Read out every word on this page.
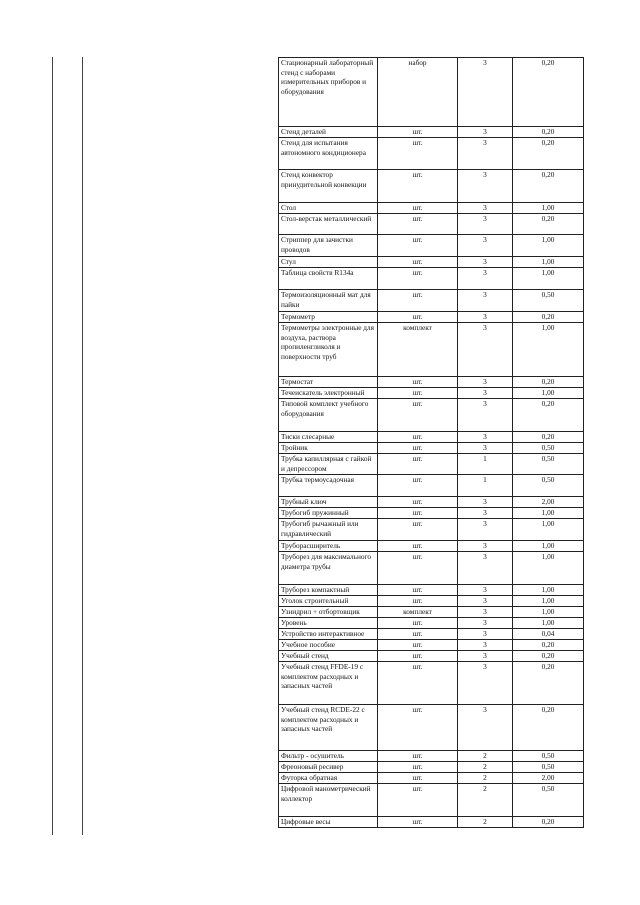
Стационарный лабораторный стенд с наборами измерительных приборов и оборудования	набор	3	0,20
Стенд деталей	шт.	3	0,20
Стенд для испытания автономного кондиционера	шт.	3	0,20
Стенд конвектор принудительной конвекции	шт.	3	0,20
Стол	шт.	3	1,00
Стол-верстак металлический	шт.	3	0,20
Стриппер для зачистки проводов	шт.	3	1,00
Стул	шт.	3	1,00
Таблица свойств R134a	шт.	3	1,00
Термоизоляционный мат для пайки	шт.	3	0,50
Термометр	шт.	3	0,20
Термометры электронные для воздуха, раствора пропиленгликоля и поверхности труб	комплект	3	1,00
Термостат	шт.	3	0,20
Течеискатель электронный	шт.	3	1,00
Типовой комплект учебного оборудования	шт.	3	0,20
Тиски слесарные	шт.	3	0,20
Тройник	шт.	3	0,50
Трубка капиллярная с гайкой и депрессором	шт.	1	0,50
Трубка термоусадочная	шт.	1	0,50
Трубный ключ	шт.	3	2,00
Трубогиб пружинный	шт.	3	1,00
Трубогиб рычажный или гидравлический	шт.	3	1,00
Труборасширитель	шт.	3	1,00
Труборез для максимального диаметра трубы	шт.	3	1,00
Труборез компактный	шт.	3	1,00
Уголок строительный	шт.	3	1,00
Узнидрил + отбортовщик	комплект	3	1,00
Уровень	шт.	3	1,00
Устройство интерактивное	шт.	3	0,04
Учебное пособие	шт.	3	0,20
Учебный стенд	шт.	3	0,20
Учебный стенд FFDE-19 с комплектом расходных и запасных частей	шт.	3	0,20
Учебный стенд RCDE-22 с комплектом расходных и запасных частей	шт.	3	0,20
Фильтр - осушитель	шт.	2	0,50
Фреоновый ресивер	шт.	2	0,50
Футорка обратная	шт.	2	2,00
Цифровой манометрический коллектор	шт.	2	0,50
Цифровые весы	шт.	2	0,20
